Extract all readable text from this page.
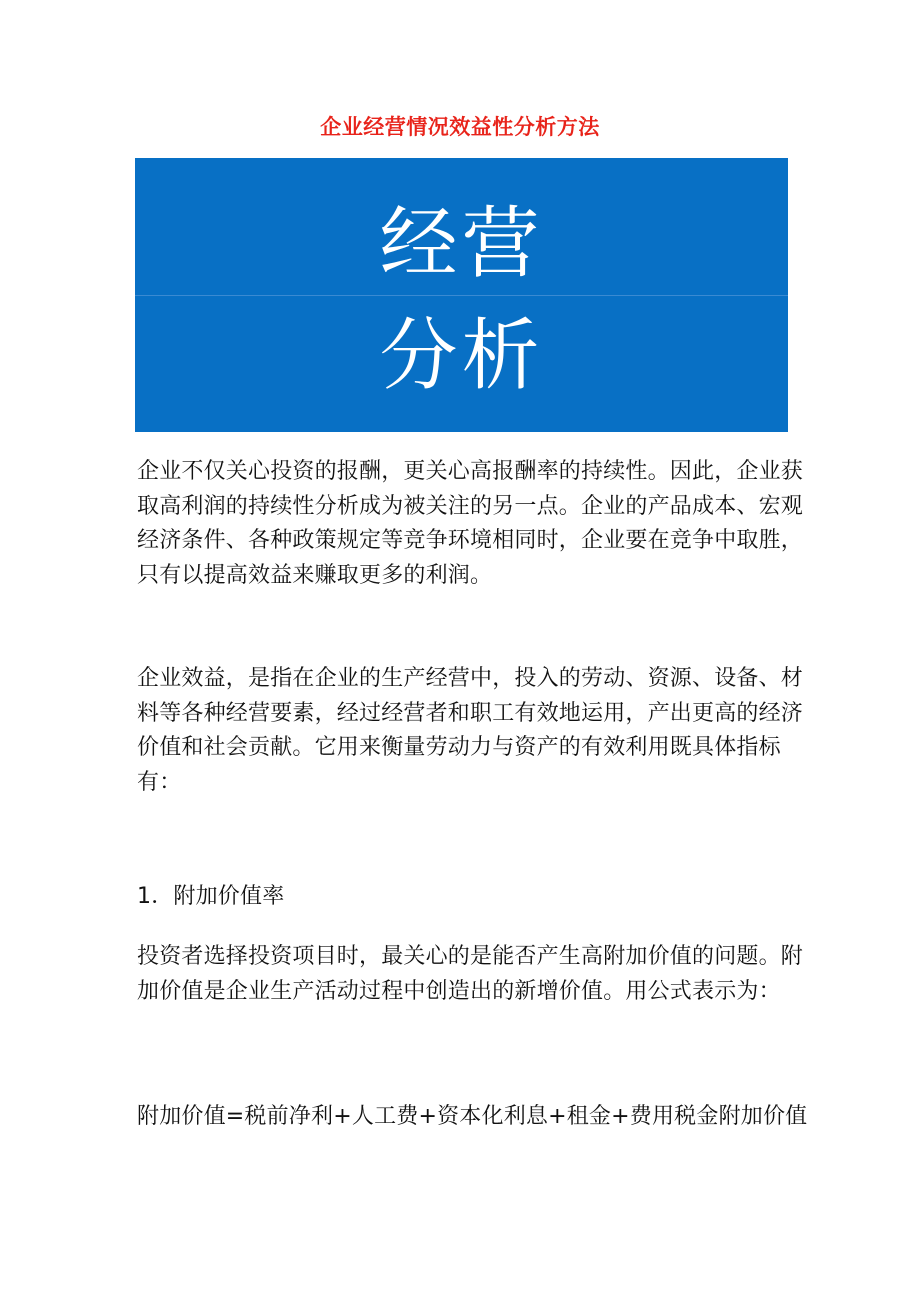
企业经营情况效益性分析方法
经营
分析

企业不仅关心投资的报酬，更关心高报酬率的持续性。因此，企业获取高利润的持续性分析成为被关注的另一点。企业的产品成本、宏观经济条件、各种政策规定等竞争环境相同时，企业要在竞争中取胜，只有以提高效益来赚取更多的利润。

企业效益，是指在企业的生产经营中，投入的劳动、资源、设备、材料等各种经营要素，经过经营者和职工有效地运用，产出更高的经济价值和社会贡献。它用来衡量劳动力与资产的有效利用既具体指标有：

1．附加价值率

投资者选择投资项目时，最关心的是能否产生高附加价值的问题。附加价值是企业生产活动过程中创造出的新增价值。用公式表示为：

附加价值=税前净利+人工费+资本化利息+租金+费用税金附加价值
